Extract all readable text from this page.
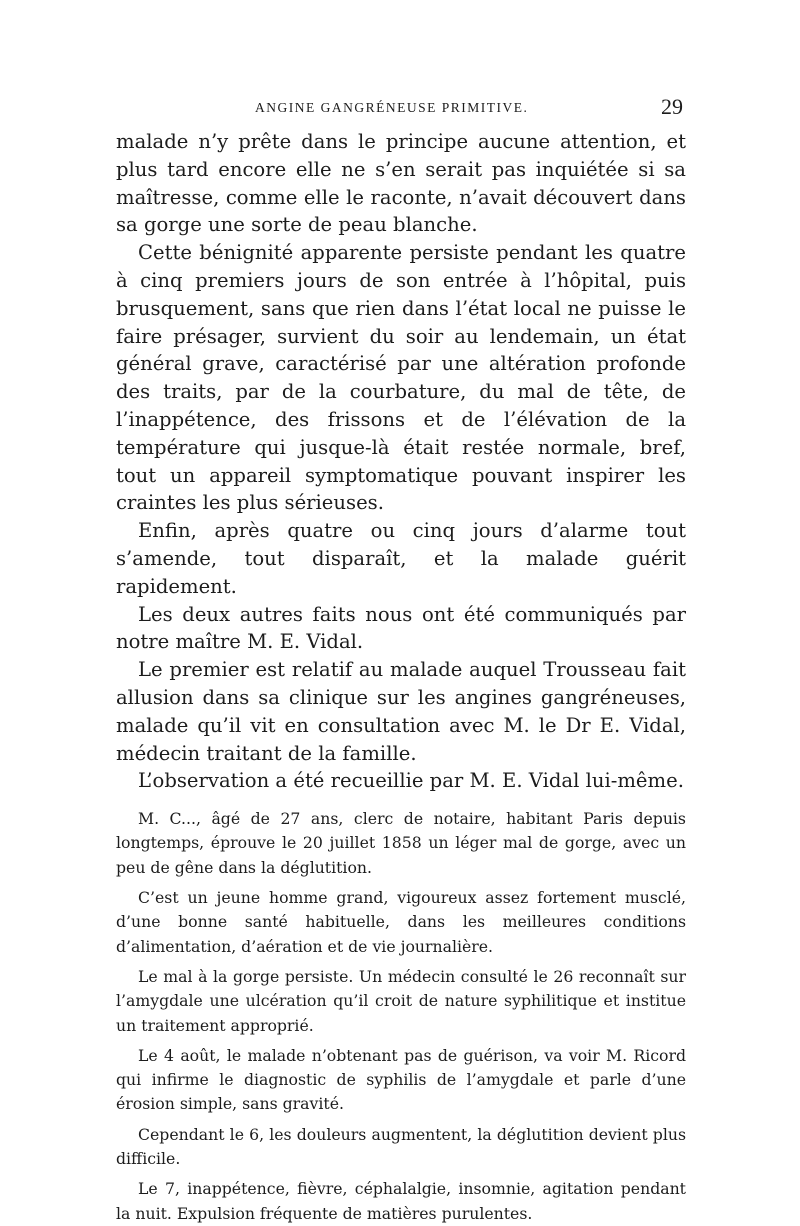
ANGINE GANGRÉNEUSE PRIMITIVE.	29

malade n’y prête dans le principe aucune attention, et plus tard encore elle ne s’en serait pas inquiétée si sa maîtresse, comme elle le raconte, n’avait découvert dans sa gorge une sorte de peau blanche.

Cette bénignité apparente persiste pendant les quatre à cinq premiers jours de son entrée à l’hôpital, puis brusquement, sans que rien dans l’état local ne puisse le faire présager, survient du soir au lendemain, un état général grave, caractérisé par une altération profonde des traits, par de la courbature, du mal de tête, de l’inappétence, des frissons et de l’élévation de la température qui jusque-là était restée normale, bref, tout un appareil symptomatique pouvant inspirer les craintes les plus sérieuses.

Enfin, après quatre ou cinq jours d’alarme tout s’amende, tout disparaît, et la malade guérit rapidement.

Les deux autres faits nous ont été communiqués par notre maître M. E. Vidal.

Le premier est relatif au malade auquel Trousseau fait allusion dans sa clinique sur les angines gangréneuses, malade qu’il vit en consultation avec M. le Dr E. Vidal, médecin traitant de la famille.

L’observation a été recueillie par M. E. Vidal lui-même.

M. C..., âgé de 27 ans, clerc de notaire, habitant Paris depuis longtemps, éprouve le 20 juillet 1858 un léger mal de gorge, avec un peu de gêne dans la déglutition.

C’est un jeune homme grand, vigoureux assez fortement musclé, d’une bonne santé habituelle, dans les meilleures conditions d’alimentation, d’aération et de vie journalière.

Le mal à la gorge persiste. Un médecin consulté le 26 reconnaît sur l’amygdale une ulcération qu’il croit de nature syphilitique et institue un traitement approprié.

Le 4 août, le malade n’obtenant pas de guérison, va voir M. Ricord qui infirme le diagnostic de syphilis de l’amygdale et parle d’une érosion simple, sans gravité.

Cependant le 6, les douleurs augmentent, la déglutition devient plus difficile.

Le 7, inappétence, fièvre, céphalalgie, insomnie, agitation pendant la nuit. Expulsion fréquente de matières purulentes.
